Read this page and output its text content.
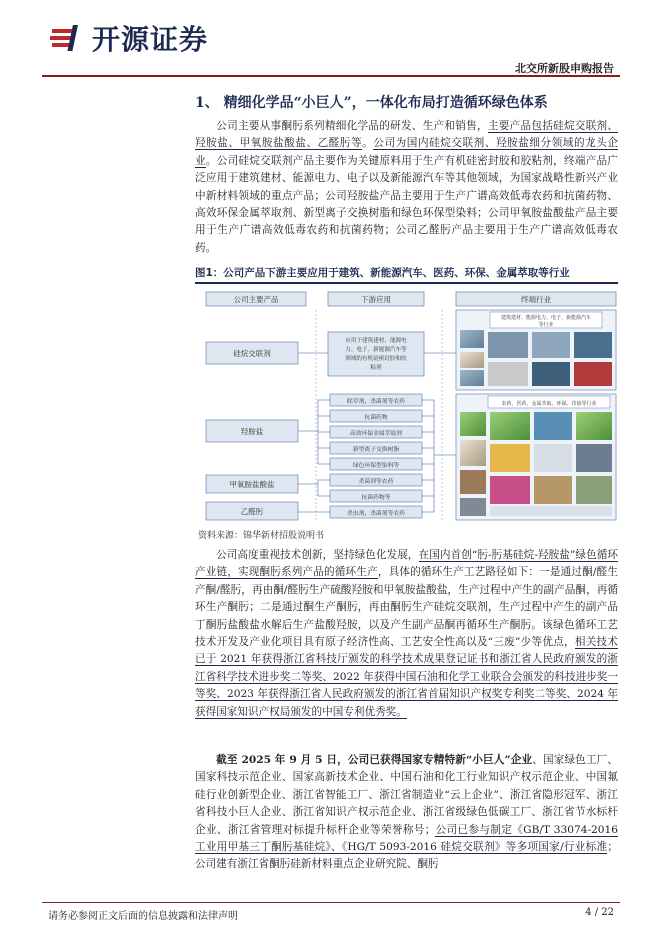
开源证券
北交所新股申购报告
1、 精细化学品“小巨人”，一体化布局打造循环绿色体系

公司主要从事酮肟系列精细化学品的研发、生产和销售，主要产品包括硅烷交联剂、羟胺盐、甲氧胺盐酸盐、乙醛肟等。公司为国内硅烷交联剂、羟胺盐细分领域的龙头企业。公司硅烷交联剂产品主要作为关键原料用于生产有机硅密封胶和胶粘剂，终端产品广泛应用于建筑建材、能源电力、电子以及新能源汽车等其他领域，为国家战略性新兴产业中新材料领域的重点产品；公司羟胺盐产品主要用于生产广谱高效低毒农药和抗菌药物、高效环保金属萃取剂、新型离子交换树脂和绿色环保型染料；公司甲氧胺盐酸盐产品主要用于生产广谱高效低毒农药和抗菌药物；公司乙醛肟产品主要用于生产广谱高效低毒农药。

图1：公司产品下游主要应用于建筑、新能源汽车、医药、环保、金属萃取等行业
公司主要产品	下游应用	终端行业
硅烷交联剂
羟胺盐
甲氧胺盐酸盐
乙醛肟
应用于建筑建材、能源电
力、电子、新能源汽车等
领域的有机硅密封胶和胶
粘剂
除草剂、杀菌剂等农药
抗菌药物
高效环保金属萃取剂
新型离子交换树脂
绿色环保型染料等
杀菌剂等农药
抗菌药物等
杀虫剂、杀菌剂等农药
建筑建材、能源电力、电子、新能源汽车
等行业
农药、医药、金属萃取、环保、印染等行业
资料来源：锦华新材招股说明书

公司高度重视技术创新，坚持绿色化发展，在国内首创“肟-肟基硅烷-羟胺盐”绿色循环产业链，实现酮肟系列产品的循环生产，具体的循环生产工艺路径如下：一是通过酮/醛生产酮/醛肟，再由酮/醛肟生产硫酸羟胺和甲氧胺盐酸盐，生产过程中产生的副产品酮，再循环生产酮肟；二是通过酮生产酮肟，再由酮肟生产硅烷交联剂，生产过程中产生的副产品丁酮肟盐酸盐水解后生产盐酸羟胺，以及产生副产品酮再循环生产酮肟。该绿色循环工艺技术开发及产业化项目具有原子经济性高、工艺安全性高以及“三废”少等优点，相关技术已于 2021 年获得浙江省科技厅颁发的科学技术成果登记证书和浙江省人民政府颁发的浙江省科学技术进步奖二等奖、2022 年获得中国石油和化学工业联合会颁发的科技进步奖一等奖、2023 年获得浙江省人民政府颁发的浙江省首届知识产权奖专利奖二等奖、2024 年获得国家知识产权局颁发的中国专利优秀奖。

截至 2025 年 9 月 5 日，公司已获得国家专精特新“小巨人”企业、国家绿色工厂、国家科技示范企业、国家高新技术企业、中国石油和化工行业知识产权示范企业、中国氟硅行业创新型企业、浙江省智能工厂、浙江省制造业“云上企业”、浙江省隐形冠军、浙江省科技小巨人企业、浙江省知识产权示范企业、浙江省级绿色低碳工厂、浙江省节水标杆企业、浙江省管理对标提升标杆企业等荣誉称号；公司已参与制定《GB/T 33074-2016 工业用甲基三丁酮肟基硅烷》、《HG/T 5093-2016 硅烷交联剂》等多项国家/行业标准；公司建有浙江省酮肟硅新材料重点企业研究院、酮肟

请务必参阅正文后面的信息披露和法律声明	4 / 22
